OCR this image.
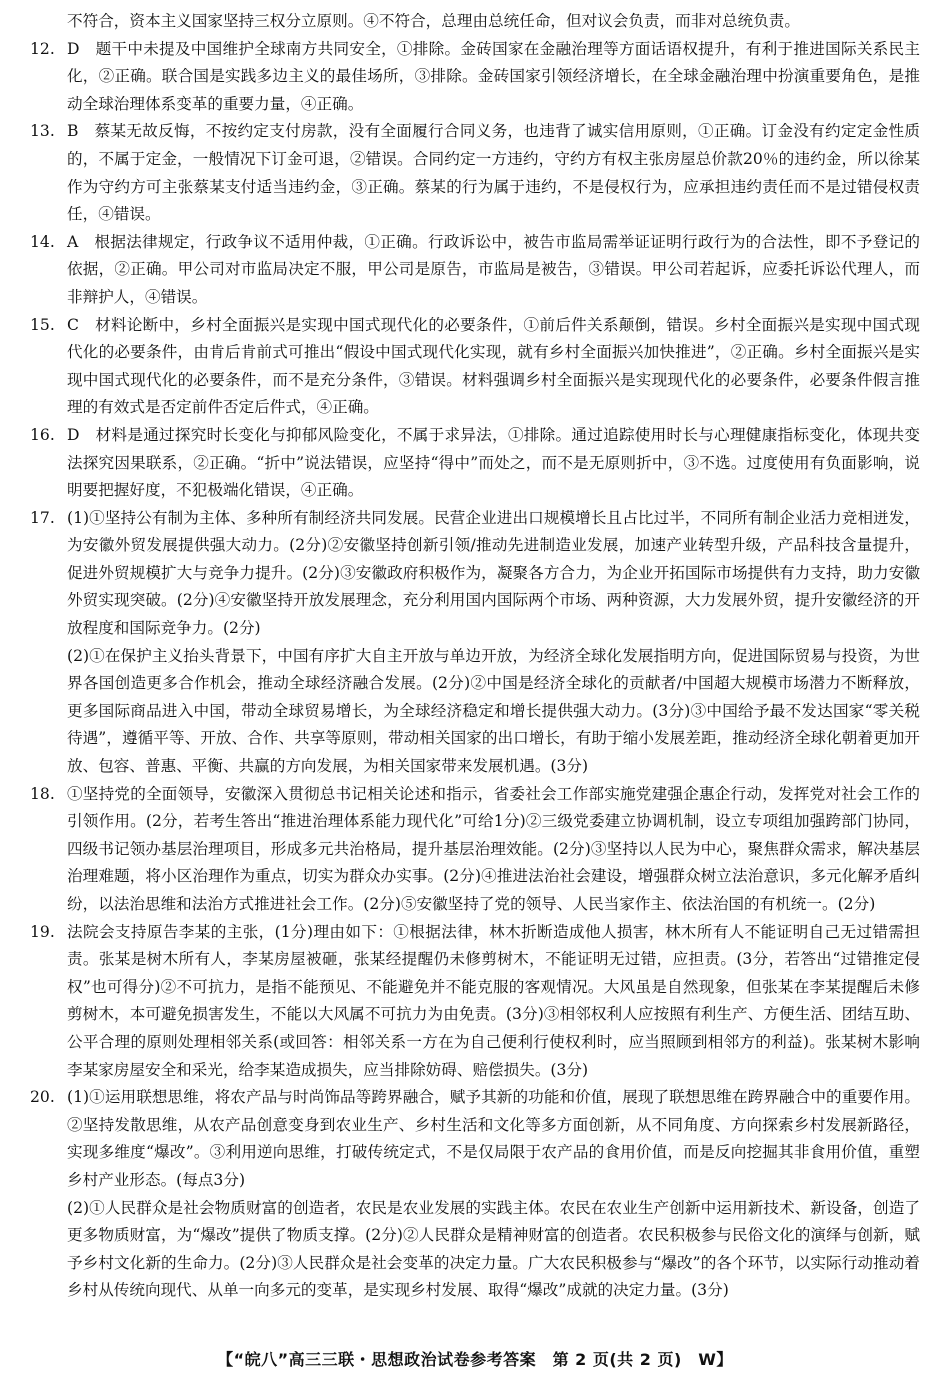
不符合，资本主义国家坚持三权分立原则。④不符合，总理由总统任命，但对议会负责，而非对总统负责。

12. D　题干中未提及中国维护全球南方共同安全，①排除。金砖国家在金融治理等方面话语权提升，有利于推进国际关系民主化，②正确。联合国是实践多边主义的最佳场所，③排除。金砖国家引领经济增长，在全球金融治理中扮演重要角色，是推动全球治理体系变革的重要力量，④正确。

13. B　蔡某无故反悔，不按约定支付房款，没有全面履行合同义务，也违背了诚实信用原则，①正确。订金没有约定定金性质的，不属于定金，一般情况下订金可退，②错误。合同约定一方违约，守约方有权主张房屋总价款20％的违约金，所以徐某作为守约方可主张蔡某支付适当违约金，③正确。蔡某的行为属于违约，不是侵权行为，应承担违约责任而不是过错侵权责任，④错误。

14. A　根据法律规定，行政争议不适用仲裁，①正确。行政诉讼中，被告市监局需举证证明行政行为的合法性，即不予登记的依据，②正确。甲公司对市监局决定不服，甲公司是原告，市监局是被告，③错误。甲公司若起诉，应委托诉讼代理人，而非辩护人，④错误。

15. C　材料论断中，乡村全面振兴是实现中国式现代化的必要条件，①前后件关系颠倒，错误。乡村全面振兴是实现中国式现代化的必要条件，由肯后肯前式可推出“假设中国式现代化实现，就有乡村全面振兴加快推进”，②正确。乡村全面振兴是实现中国式现代化的必要条件，而不是充分条件，③错误。材料强调乡村全面振兴是实现现代化的必要条件，必要条件假言推理的有效式是否定前件否定后件式，④正确。

16. D　材料是通过探究时长变化与抑郁风险变化，不属于求异法，①排除。通过追踪使用时长与心理健康指标变化，体现共变法探究因果联系，②正确。“折中”说法错误，应坚持“得中”而处之，而不是无原则折中，③不选。过度使用有负面影响，说明要把握好度，不犯极端化错误，④正确。

17. (1)①坚持公有制为主体、多种所有制经济共同发展。民营企业进出口规模增长且占比过半，不同所有制企业活力竞相迸发，为安徽外贸发展提供强大动力。(2分)②安徽坚持创新引领/推动先进制造业发展，加速产业转型升级，产品科技含量提升，促进外贸规模扩大与竞争力提升。(2分)③安徽政府积极作为，凝聚各方合力，为企业开拓国际市场提供有力支持，助力安徽外贸实现突破。(2分)④安徽坚持开放发展理念，充分利用国内国际两个市场、两种资源，大力发展外贸，提升安徽经济的开放程度和国际竞争力。(2分)

(2)①在保护主义抬头背景下，中国有序扩大自主开放与单边开放，为经济全球化发展指明方向，促进国际贸易与投资，为世界各国创造更多合作机会，推动全球经济融合发展。(2分)②中国是经济全球化的贡献者/中国超大规模市场潜力不断释放，更多国际商品进入中国，带动全球贸易增长，为全球经济稳定和增长提供强大动力。(3分)③中国给予最不发达国家“零关税待遇”，遵循平等、开放、合作、共享等原则，带动相关国家的出口增长，有助于缩小发展差距，推动经济全球化朝着更加开放、包容、普惠、平衡、共赢的方向发展，为相关国家带来发展机遇。(3分)

18. ①坚持党的全面领导，安徽深入贯彻总书记相关论述和指示，省委社会工作部实施党建强企惠企行动，发挥党对社会工作的引领作用。(2分，若考生答出“推进治理体系能力现代化”可给1分)②三级党委建立协调机制，设立专项组加强跨部门协同，四级书记领办基层治理项目，形成多元共治格局，提升基层治理效能。(2分)③坚持以人民为中心，聚焦群众需求，解决基层治理难题，将小区治理作为重点，切实为群众办实事。(2分)④推进法治社会建设，增强群众树立法治意识，多元化解矛盾纠纷，以法治思维和法治方式推进社会工作。(2分)⑤安徽坚持了党的领导、人民当家作主、依法治国的有机统一。(2分)

19. 法院会支持原告李某的主张，(1分)理由如下：①根据法律，林木折断造成他人损害，林木所有人不能证明自己无过错需担责。张某是树木所有人，李某房屋被砸，张某经提醒仍未修剪树木，不能证明无过错，应担责。(3分，若答出“过错推定侵权”也可得分)②不可抗力，是指不能预见、不能避免并不能克服的客观情况。大风虽是自然现象，但张某在李某提醒后未修剪树木，本可避免损害发生，不能以大风属不可抗力为由免责。(3分)③相邻权利人应按照有利生产、方便生活、团结互助、公平合理的原则处理相邻关系(或回答：相邻关系一方在为自己便利行使权利时，应当照顾到相邻方的利益)。张某树木影响李某家房屋安全和采光，给李某造成损失，应当排除妨碍、赔偿损失。(3分)

20. (1)①运用联想思维，将农产品与时尚饰品等跨界融合，赋予其新的功能和价值，展现了联想思维在跨界融合中的重要作用。②坚持发散思维，从农产品创意变身到农业生产、乡村生活和文化等多方面创新，从不同角度、方向探索乡村发展新路径，实现多维度“爆改”。③利用逆向思维，打破传统定式，不是仅局限于农产品的食用价值，而是反向挖掘其非食用价值，重塑乡村产业形态。(每点3分)

(2)①人民群众是社会物质财富的创造者，农民是农业发展的实践主体。农民在农业生产创新中运用新技术、新设备，创造了更多物质财富，为“爆改”提供了物质支撑。(2分)②人民群众是精神财富的创造者。农民积极参与民俗文化的演绎与创新，赋予乡村文化新的生命力。(2分)③人民群众是社会变革的决定力量。广大农民积极参与“爆改”的各个环节，以实际行动推动着乡村从传统向现代、从单一向多元的变革，是实现乡村发展、取得“爆改”成就的决定力量。(3分)

【“皖八”高三三联・思想政治试卷参考答案　第 2 页(共 2 页)　W】
